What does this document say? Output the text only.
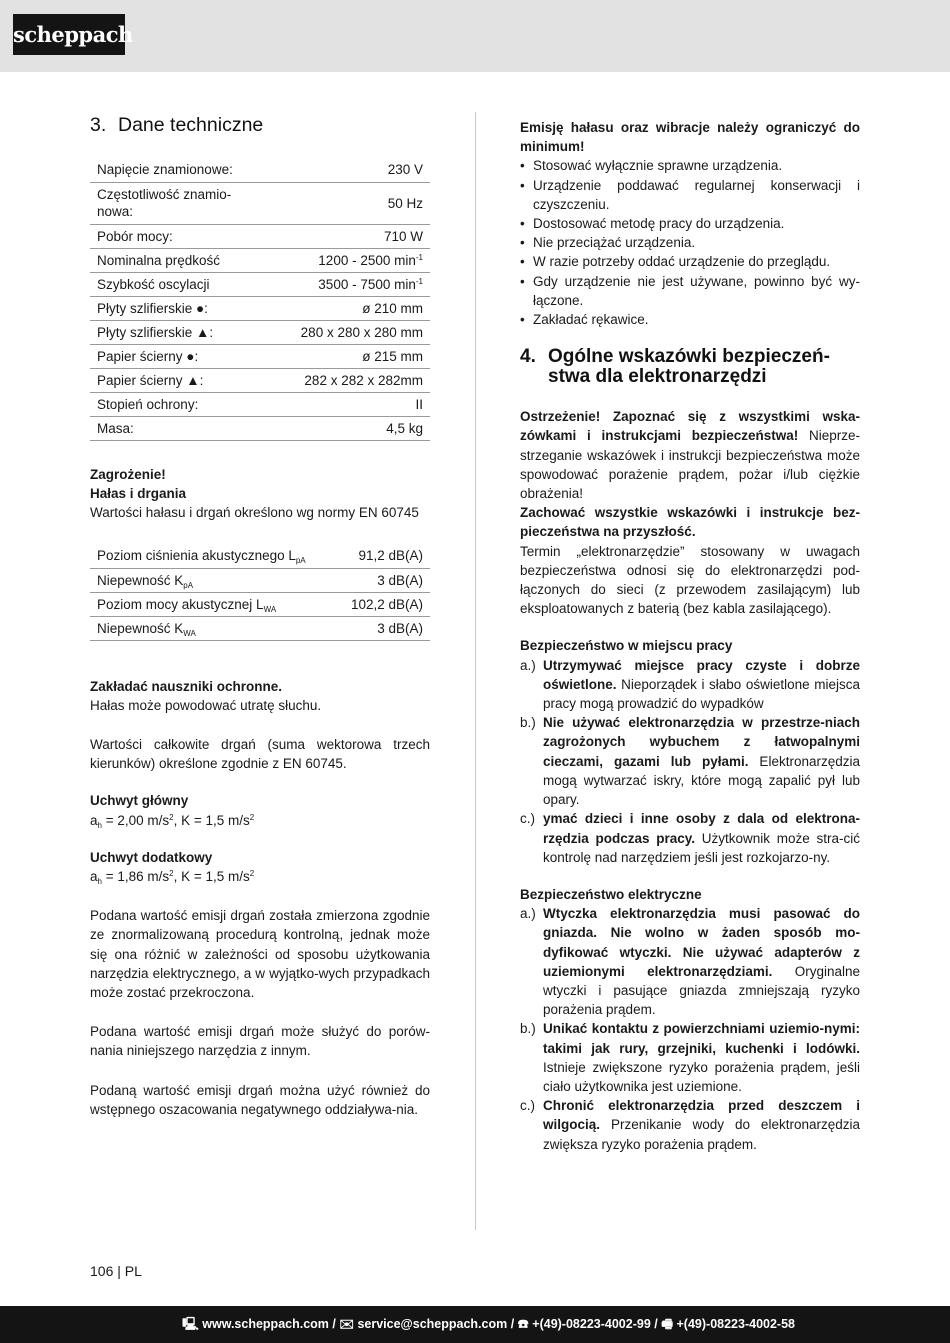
scheppach
3. Dane techniczne
Napięcie znamionowe:	230 V
Częstotliwość znamio-
nowa:	50 Hz
Pobór mocy:	710 W
Nominalna prędkość	1200 - 2500 $\min^{-1}$
Szybkość oscylacji	3500 - 7500 $\min^{-1}$
Płyty szlifierskie ●:	ø 210 mm
Płyty szlifierskie ▲:	280 x 280 x 280 mm
Papier ścierny ●:	ø 215 mm
Papier ścierny ▲:	282 x 282 x 282mm
Stopień ochrony:	II
Masa:	4,5 kg
Zagrożenie!
Hałas i drgania
Wartości hałasu i drgań określono wg normy EN 60745
Poziom ciśnienia akustycznego $L_{pA}$	91,2 dB(A)
Niepewność $K_{pA}$	3 dB(A)
Poziom mocy akustycznej $L_{WA}$	102,2 dB(A)
Niepewność $K_{WA}$	3 dB(A)
Zakładać nauszniki ochronne.
Hałas może powodować utratę słuchu.
Wartości całkowite drgań (suma wektorowa trzech kierunków) określone zgodnie z EN 60745.
Uchwyt główny
$a_h = 2,00$ $m/s^2$, K = 1,5 $m/s^2$
Uchwyt dodatkowy
$a_h = 1,86$ $m/s^2$, K = 1,5 $m/s^2$
Podana wartość emisji drgań została zmierzona zgodnie ze znormalizowaną procedurą kontrolną, jednak może się ona różnić w zależności od sposobu użytkowania narzędzia elektrycznego, a w wyjątko-wych przypadkach może zostać przekroczona.
Podana wartość emisji drgań może służyć do porów-nania niniejszego narzędzia z innym.
Podaną wartość emisji drgań można użyć również do wstępnego oszacowania negatywnego oddziaływa-nia.
Emisję hałasu oraz wibracje należy ograniczyć do minimum!
• Stosować wyłącznie sprawne urządzenia.
• Urządzenie poddawać regularnej konserwacji i czyszczeniu.
• Dostosować metodę pracy do urządzenia.
• Nie przeciążać urządzenia.
• W razie potrzeby oddać urządzenie do przeglądu.
• Gdy urządzenie nie jest używane, powinno być wy-łączone.
• Zakładać rękawice.
4. Ogólne wskazówki bezpieczeń-
stwa dla elektronarzędzi
Ostrzeżenie! Zapoznać się z wszystkimi wska-zówkami i instrukcjami bezpieczeństwa! Nieprze-strzeganie wskazówek i instrukcji bezpieczeństwa może spowodować porażenie prądem, pożar i/lub ciężkie obrażenia!
Zachować wszystkie wskazówki i instrukcje bez-pieczeństwa na przyszłość.
Termin „elektronarzędzie” stosowany w uwagach bezpieczeństwa odnosi się do elektronarzędzi pod-łączonych do sieci (z przewodem zasilającym) lub eksploatowanych z baterią (bez kabla zasilającego).
Bezpieczeństwo w miejscu pracy
a.) Utrzymywać miejsce pracy czyste i dobrze oświetlone. Nieporządek i słabo oświetlone miejsca pracy mogą prowadzić do wypadków
b.) Nie używać elektronarzędzia w przestrze-niach zagrożonych wybuchem z łatwopalnymi cieczami, gazami lub pyłami. Elektronarzędzia mogą wytwarzać iskry, które mogą zapalić pył lub opary.
c.) ymać dzieci i inne osoby z dala od elektrona-rzędzia podczas pracy. Użytkownik może stra-cić kontrolę nad narzędziem jeśli jest rozkojarzo-ny.
Bezpieczeństwo elektryczne
a.) Wtyczka elektronarzędzia musi pasować do gniazda. Nie wolno w żaden sposób mo-dyfikować wtyczki. Nie używać adapterów z uziemionymi elektronarzędziami. Oryginalne wtyczki i pasujące gniazda zmniejszają ryzyko porażenia prądem.
b.) Unikać kontaktu z powierzchniami uziemio-nymi: takimi jak rury, grzejniki, kuchenki i lodówki. Istnieje zwiększone ryzyko porażenia prądem, jeśli ciało użytkownika jest uziemione.
c.) Chronić elektronarzędzia przed deszczem i wilgocią. Przenikanie wody do elektronarzędzia zwiększa ryzyko porażenia prądem.
106 | PL
🖳 www.scheppach.com / ✉ service@scheppach.com / ☎ +(49)-08223-4002-99 / 🖷 +(49)-08223-4002-58
